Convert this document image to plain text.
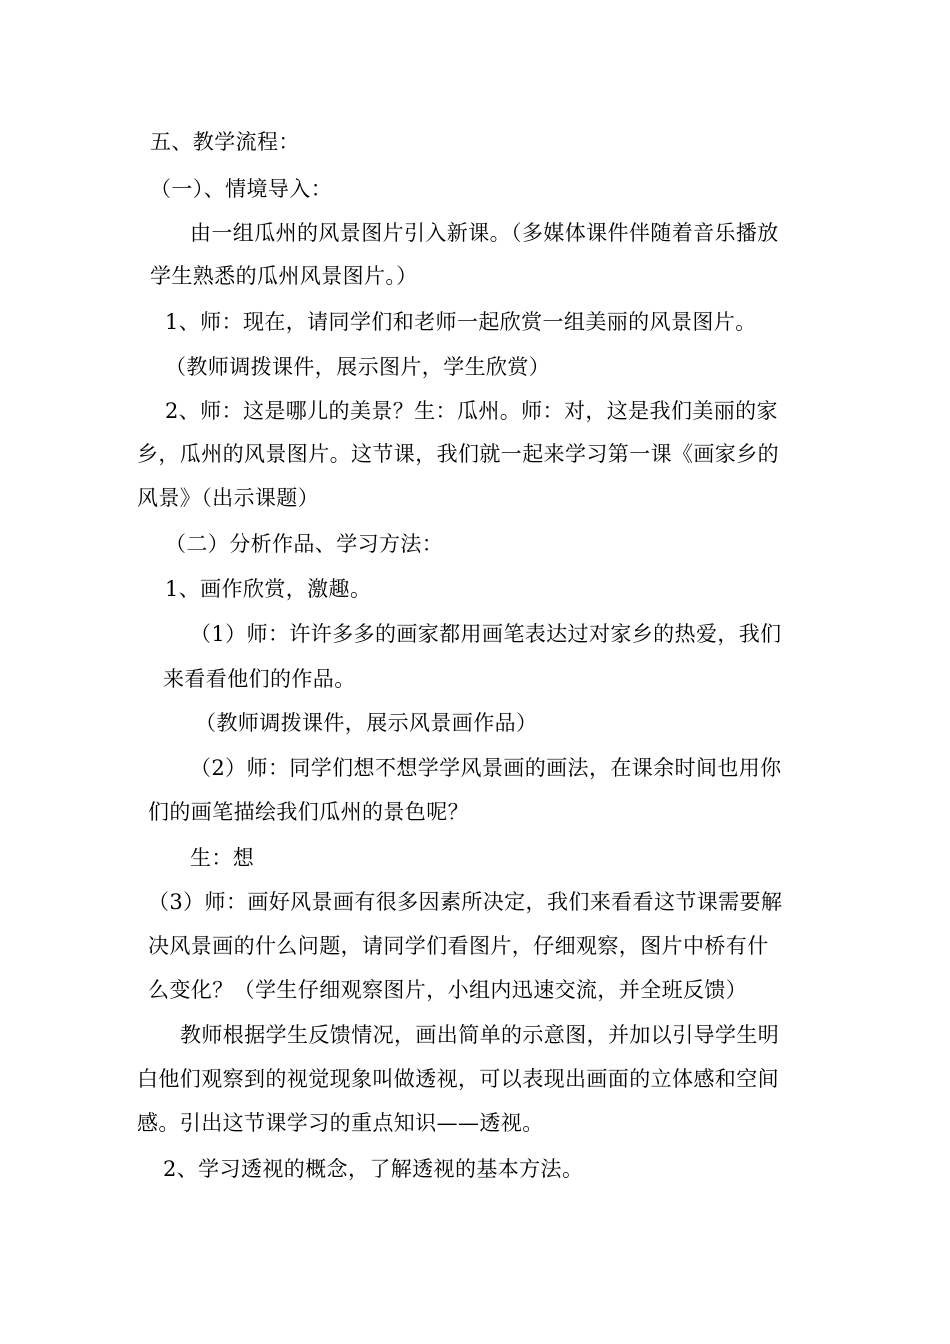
五、教学流程：
（一）、情境导入：
由一组瓜州的风景图片引入新课。（多媒体课件伴随着音乐播放
学生熟悉的瓜州风景图片。）
1、师：现在，请同学们和老师一起欣赏一组美丽的风景图片。
（教师调拨课件，展示图片，学生欣赏）
2、师：这是哪儿的美景？生：瓜州。师：对，这是我们美丽的家
乡，瓜州的风景图片。这节课，我们就一起来学习第一课《画家乡的
风景》（出示课题）
（二）分析作品、学习方法：
1、画作欣赏，激趣。
（1）师：许许多多的画家都用画笔表达过对家乡的热爱，我们
来看看他们的作品。
（教师调拨课件，展示风景画作品）
（2）师：同学们想不想学学风景画的画法，在课余时间也用你
们的画笔描绘我们瓜州的景色呢？
生：想
（3）师：画好风景画有很多因素所决定，我们来看看这节课需要解
决风景画的什么问题，请同学们看图片，仔细观察，图片中桥有什
么变化？（学生仔细观察图片，小组内迅速交流，并全班反馈）
教师根据学生反馈情况，画出简单的示意图，并加以引导学生明
白他们观察到的视觉现象叫做透视，可以表现出画面的立体感和空间
感。引出这节课学习的重点知识——透视。
2、学习透视的概念，了解透视的基本方法。
